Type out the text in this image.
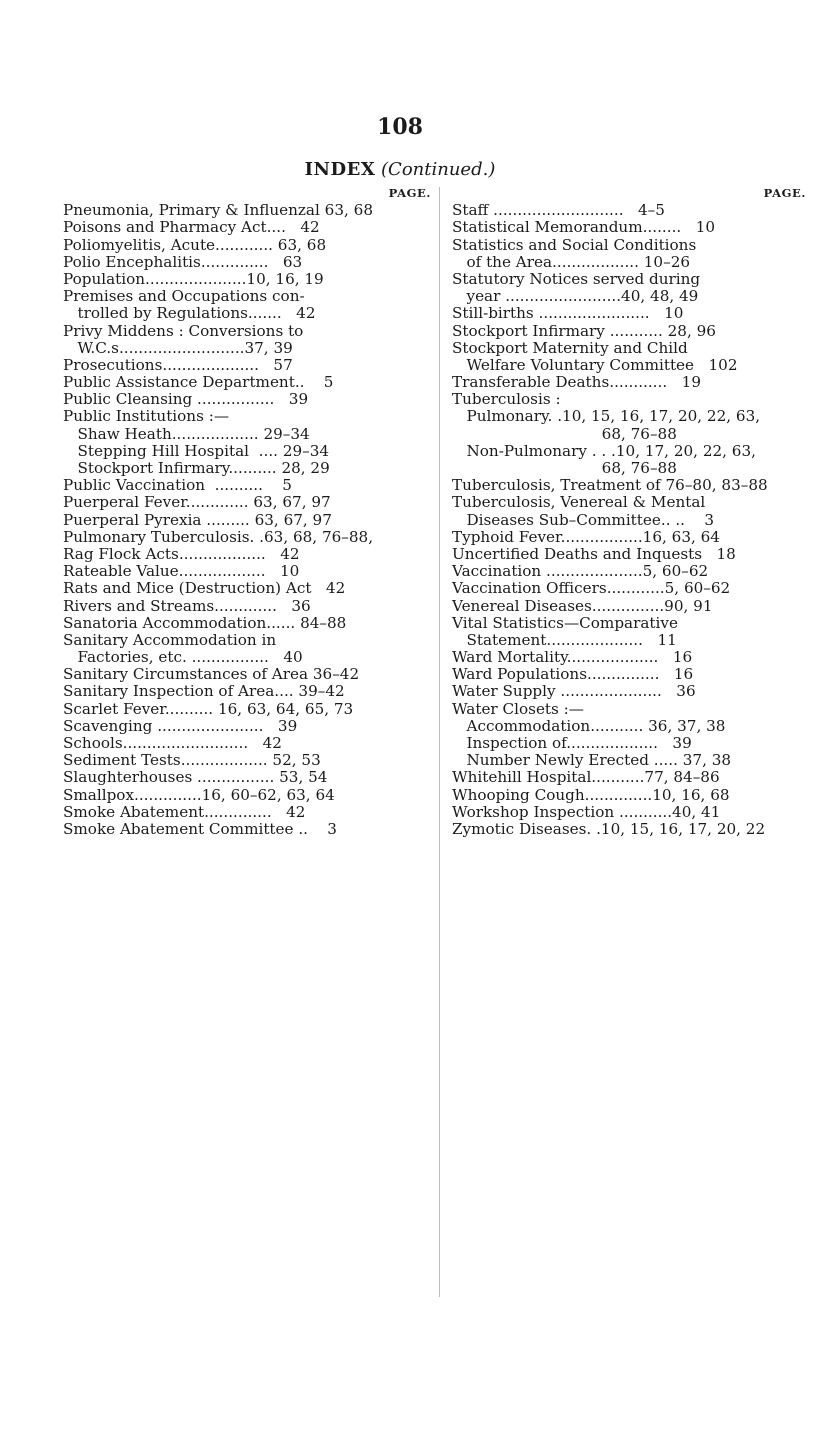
108
INDEX (Continued.)
PAGE.
Pneumonia, Primary & Influenzal 63, 68
Poisons and Pharmacy Act....   42
Poliomyelitis, Acute............ 63, 68
Polio Encephalitis..............   63
Population.....................10, 16, 19
Premises and Occupations con-
trolled by Regulations.......   42
Privy Middens : Conversions to
W.C.s..........................37, 39
Prosecutions....................   57
Public Assistance Department..    5
Public Cleansing ................   39
Public Institutions :—
Shaw Heath.................. 29–34
Stepping Hill Hospital  .... 29–34
Stockport Infirmary.......... 28, 29
Public Vaccination  ..........    5
Puerperal Fever............. 63, 67, 97
Puerperal Pyrexia ......... 63, 67, 97
Pulmonary Tuberculosis. .63, 68, 76–88,
Rag Flock Acts..................   42
Rateable Value..................   10
Rats and Mice (Destruction) Act   42
Rivers and Streams.............   36
Sanatoria Accommodation...... 84–88
Sanitary Accommodation in
Factories, etc. ................   40
Sanitary Circumstances of Area 36–42
Sanitary Inspection of Area.... 39–42
Scarlet Fever.......... 16, 63, 64, 65, 73
Scavenging ......................   39
Schools..........................   42
Sediment Tests.................. 52, 53
Slaughterhouses ................ 53, 54
Smallpox..............16, 60–62, 63, 64
Smoke Abatement..............   42
Smoke Abatement Committee ..    3
PAGE.
Staff ...........................   4–5
Statistical Memorandum........   10
Statistics and Social Conditions
of the Area.................. 10–26
Statutory Notices served during
year ........................40, 48, 49
Still-births .......................   10
Stockport Infirmary ........... 28, 96
Stockport Maternity and Child
Welfare Voluntary Committee   102
Transferable Deaths............   19
Tuberculosis :
Pulmonary. .10, 15, 16, 17, 20, 22, 63,
68, 76–88
Non-Pulmonary . . .10, 17, 20, 22, 63,
68, 76–88
Tuberculosis, Treatment of 76–80, 83–88
Tuberculosis, Venereal & Mental
Diseases Sub–Committee.. ..    3
Typhoid Fever.................16, 63, 64
Uncertified Deaths and Inquests   18
Vaccination ....................5, 60–62
Vaccination Officers............5, 60–62
Venereal Diseases...............90, 91
Vital Statistics—Comparative
Statement....................   11
Ward Mortality...................   16
Ward Populations...............   16
Water Supply .....................   36
Water Closets :—
Accommodation........... 36, 37, 38
Inspection of...................   39
Number Newly Erected ..... 37, 38
Whitehill Hospital...........77, 84–86
Whooping Cough..............10, 16, 68
Workshop Inspection ...........40, 41
Zymotic Diseases. .10, 15, 16, 17, 20, 22
